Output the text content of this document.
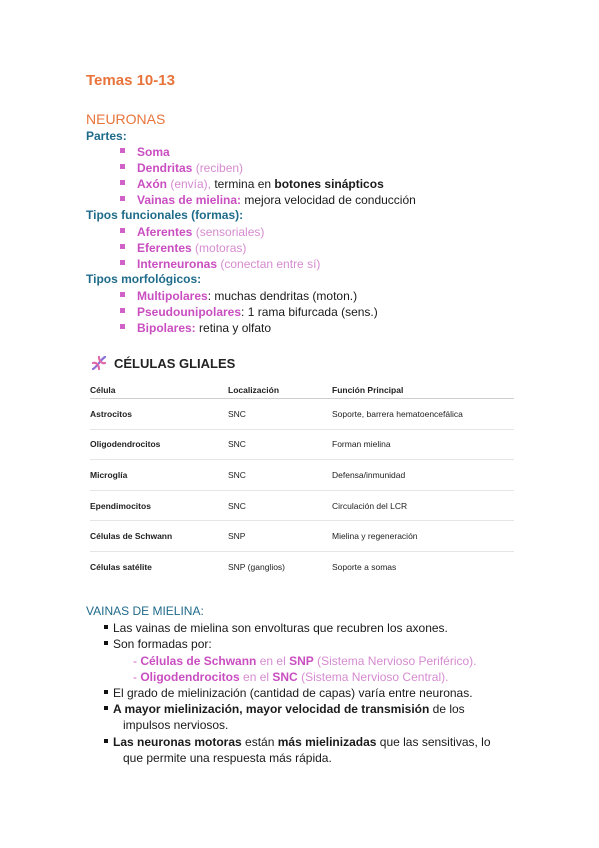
Temas 10-13
NEURONAS
Partes:
Soma
Dendritas (reciben)
Axón (envía), termina en botones sinápticos
Vainas de mielina: mejora velocidad de conducción
Tipos funcionales (formas):
Aferentes (sensoriales)
Eferentes (motoras)
Interneuronas (conectan entre sí)
Tipos morfológicos:
Multipolares: muchas dendritas (moton.)
Pseudounipolares: 1 rama bifurcada (sens.)
Bipolares: retina y olfato
CÉLULAS GLIALES
Célula	Localización	Función Principal
Astrocitos	SNC	Soporte, barrera hematoencefálica
Oligodendrocitos	SNC	Forman mielina
Microglía	SNC	Defensa/inmunidad
Ependimocitos	SNC	Circulación del LCR
Células de Schwann	SNP	Mielina y regeneración
Células satélite	SNP (ganglios)	Soporte a somas
VAINAS DE MIELINA:
Las vainas de mielina son envolturas que recubren los axones.
Son formadas por:
- Células de Schwann en el SNP (Sistema Nervioso Periférico).
- Oligodendrocitos en el SNC (Sistema Nervioso Central).
El grado de mielinización (cantidad de capas) varía entre neuronas.
A mayor mielinización, mayor velocidad de transmisión de los
impulsos nerviosos.
Las neuronas motoras están más mielinizadas que las sensitivas, lo
que permite una respuesta más rápida.
